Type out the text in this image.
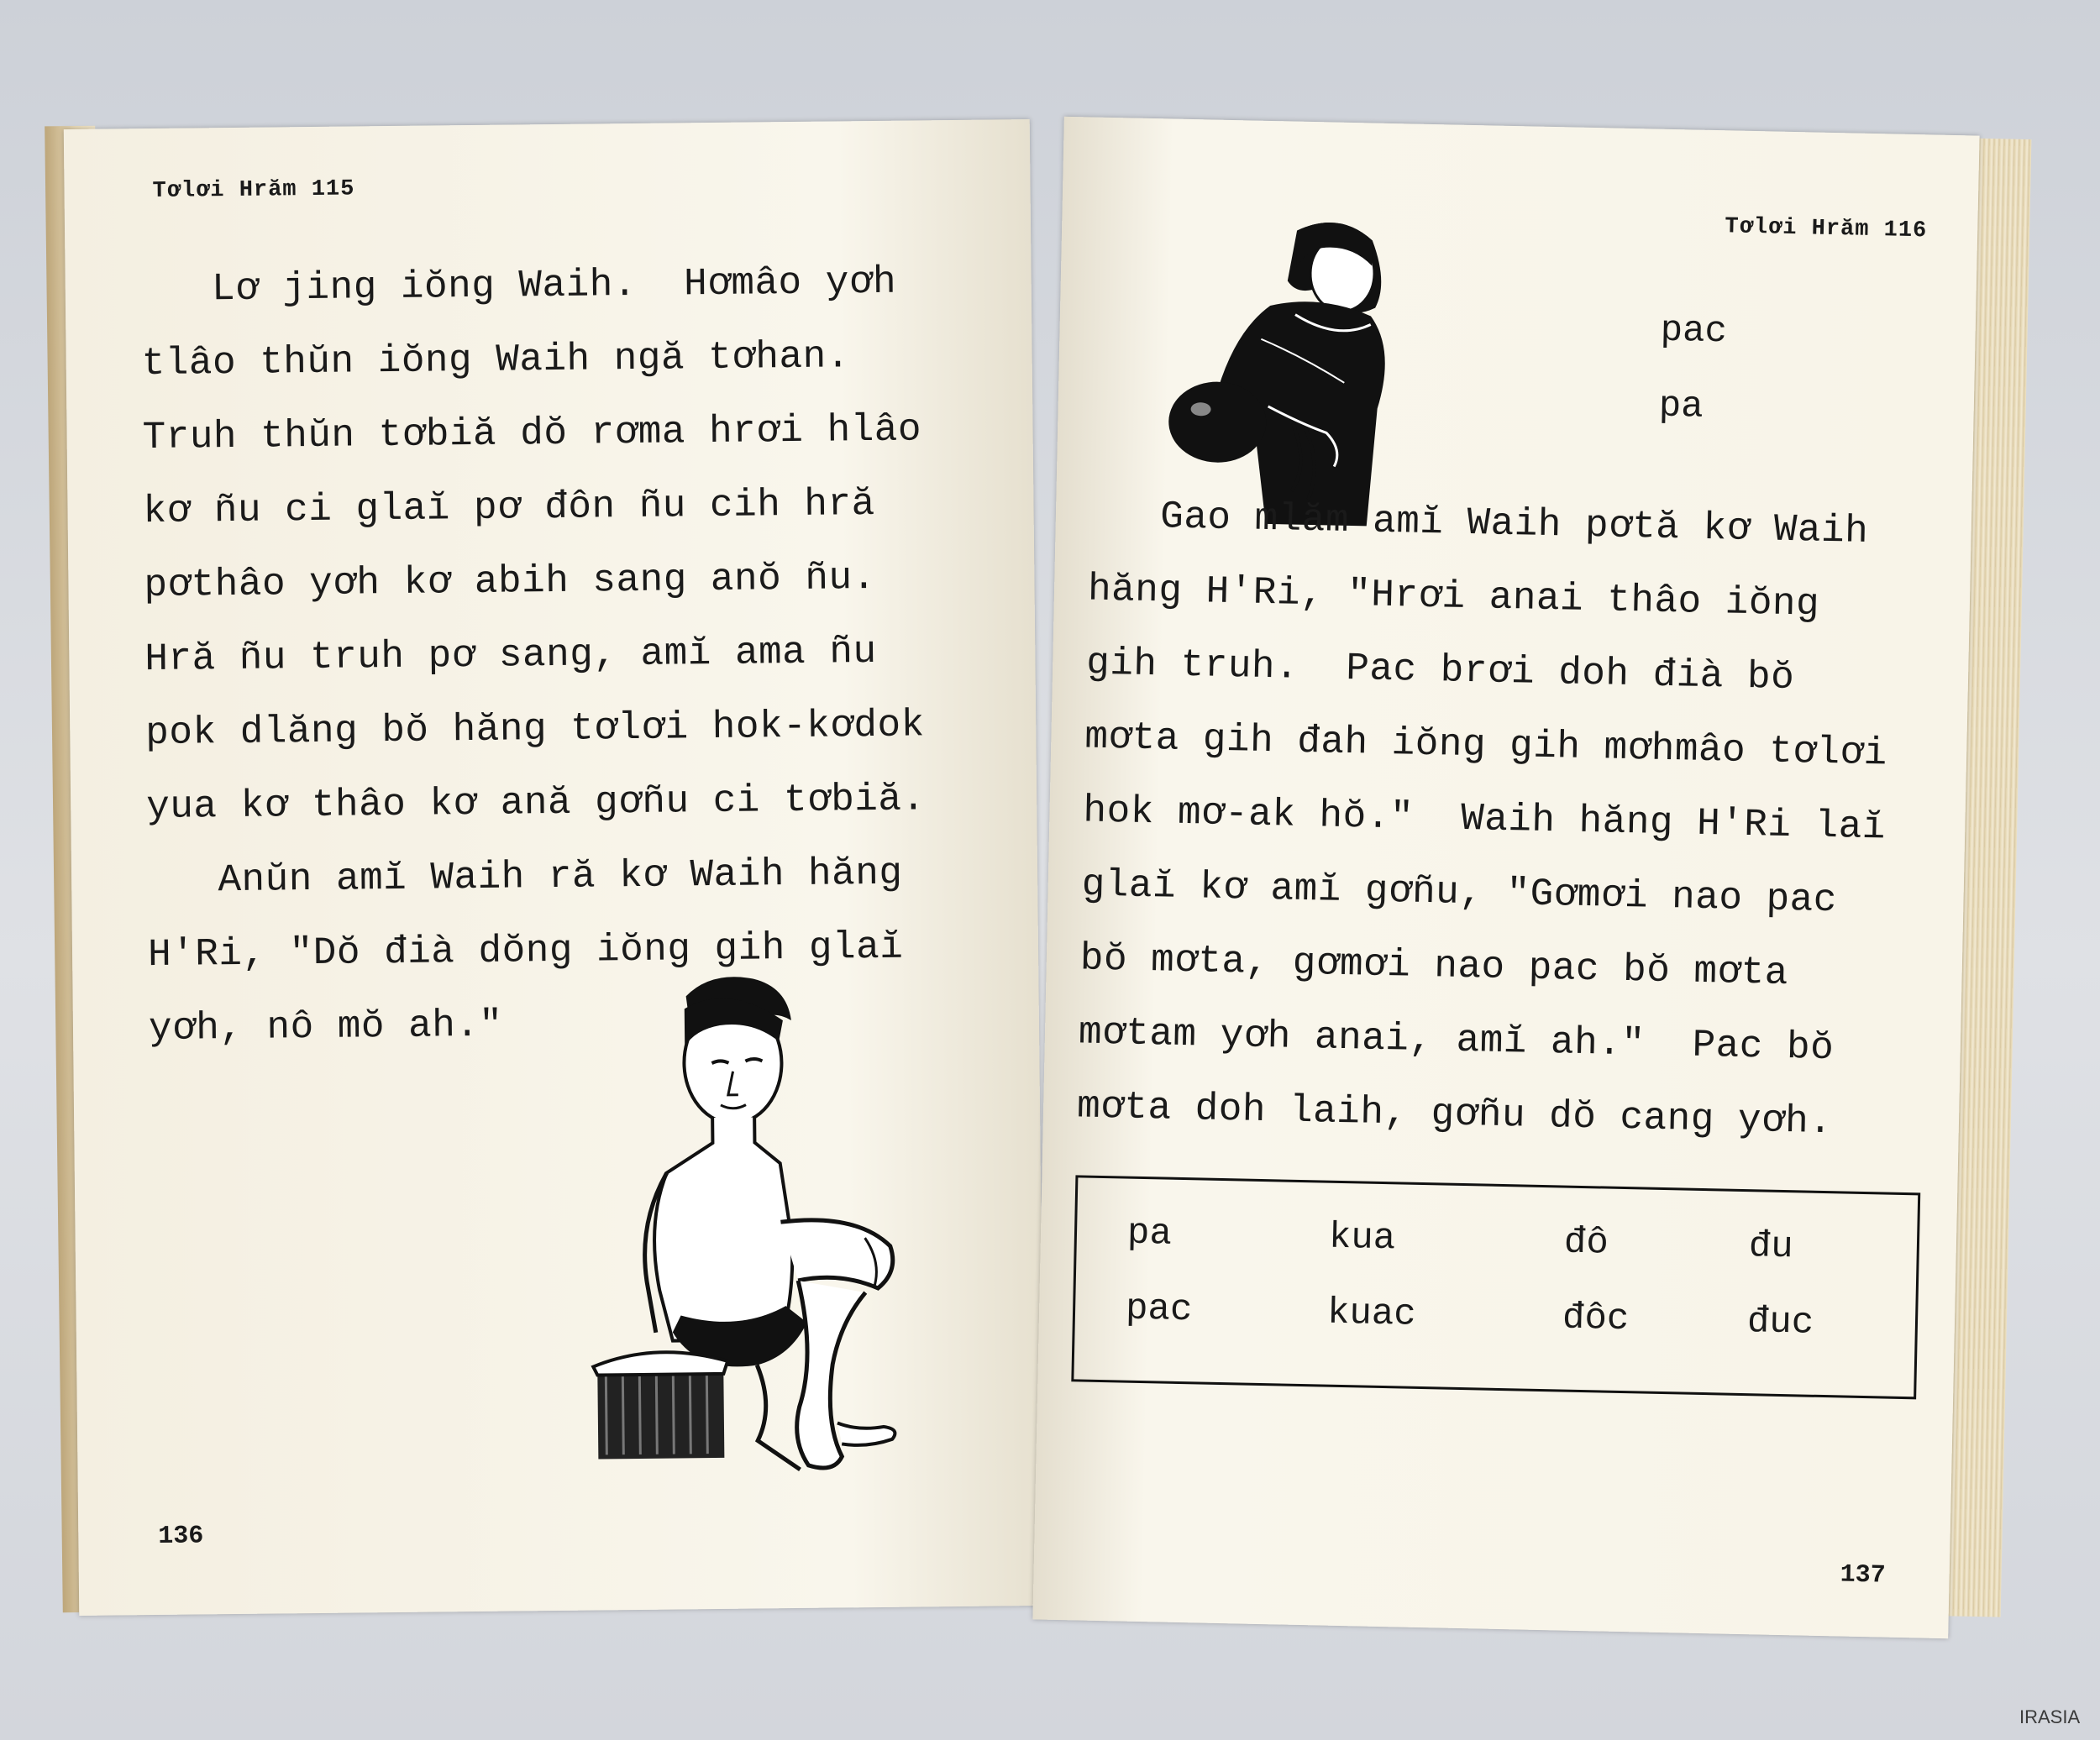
Tơlơi Hrăm 115
Lơ jing iŏng Waih.  Hơmâo yơh
tlâo thŭn iŏng Waih ngă tơhan.
Truh thŭn tơbiă dŏ rơma hrơi hlâo
kơ ñu ci glaĭ pơ đôn ñu cih hră
pơthâo yơh kơ abih sang anŏ ñu.
Hră ñu truh pơ sang, amĭ ama ñu
pok dlăng bŏ hăng tơlơi hok-kơdok
yua kơ thâo kơ ană gơñu ci tơbiă.
Anŭn amĭ Waih ră kơ Waih hăng
H'Ri, "Dŏ đià dŏng iŏng gih glaĭ
yơh, nô mŏ ah."
136
Tơlơi Hrăm 116
pac
pa
Gao mlăm amĭ Waih pơtă kơ Waih
hăng H'Ri, "Hrơi anai thâo iŏng
gih truh.  Pac brơi doh đià bŏ
mơta gih đah iŏng gih mơhmâo tơlơi
hok mơ-ak hŏ."  Waih hăng H'Ri laĭ
glaĭ kơ amĭ gơñu, "Gơmơi nao pac
bŏ mơta, gơmơi nao pac bŏ mơta
mơtam yơh anai, amĭ ah."  Pac bŏ
mơta doh laih, gơñu dŏ cang yơh.
pa	kua	đô	đu
pac	kuac	đôc	đuc
137
IRASIA
